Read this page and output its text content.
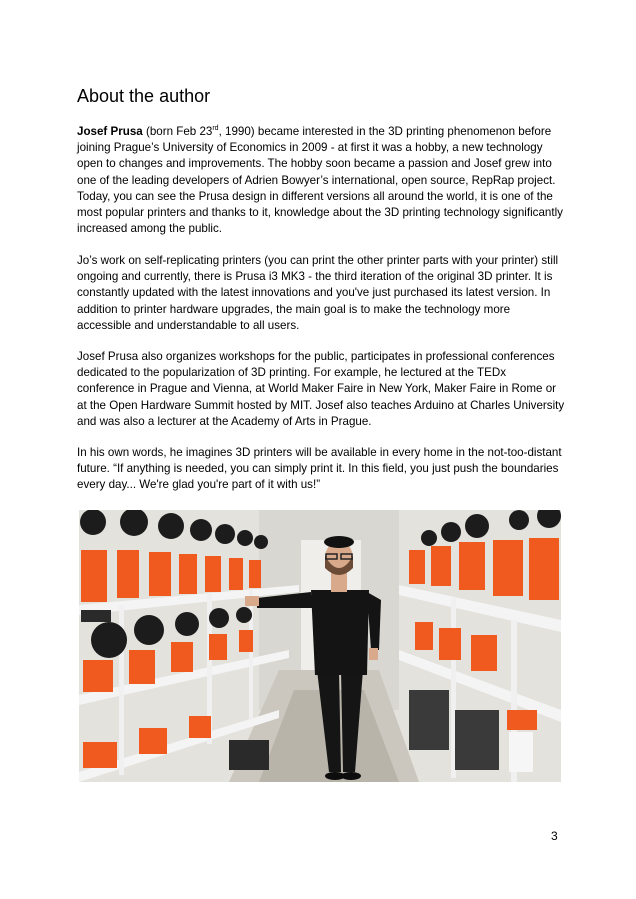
About the author

Josef Prusa (born Feb 23rd, 1990) became interested in the 3D printing phenomenon before joining Prague’s University of Economics in 2009 - at first it was a hobby, a new technology open to changes and improvements. The hobby soon became a passion and Josef grew into one of the leading developers of Adrien Bowyer’s international, open source, RepRap project. Today, you can see the Prusa design in different versions all around the world, it is one of the most popular printers and thanks to it, knowledge about the 3D printing technology significantly increased among the public.

Jo’s work on self-replicating printers (you can print the other printer parts with your printer) still ongoing and currently, there is Prusa i3 MK3 - the third iteration of the original 3D printer. It is constantly updated with the latest innovations and you've just purchased its latest version. In addition to printer hardware upgrades, the main goal is to make the technology more accessible and understandable to all users.

Josef Prusa also organizes workshops for the public, participates in professional conferences dedicated to the popularization of 3D printing. For example, he lectured at the TEDx conference in Prague and Vienna, at World Maker Faire in New York, Maker Faire in Rome or at the Open Hardware Summit hosted by MIT. Josef also teaches Arduino at Charles University and was also a lecturer at the Academy of Arts in Prague.

In his own words, he imagines 3D printers will be available in every home in the not-too-distant future. “If anything is needed, you can simply print it. In this field, you just push the boundaries every day... We're glad you're part of it with us!”

3
